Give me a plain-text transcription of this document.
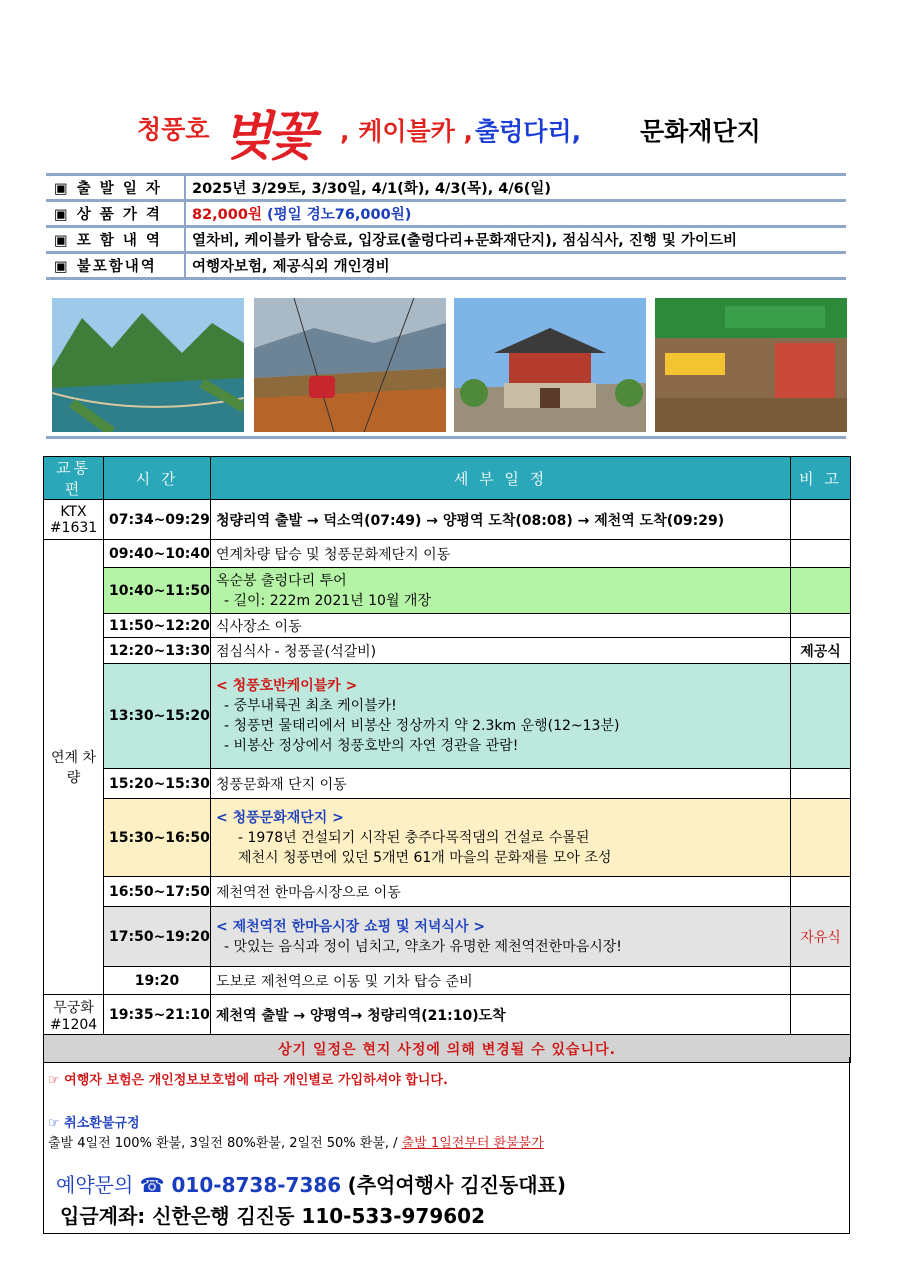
청풍호 벚꽃 , 케이블카 , 출렁다리, 문화재단지
▣ 출 발 일 자	2025년 3/29토, 3/30일, 4/1(화), 4/3(목), 4/6(일)
▣ 상 품 가 격	82,000원 (평일 경노76,000원)
▣ 포 함 내 역	열차비, 케이블카 탑승료, 입장료(출렁다리+문화재단지), 점심식사, 진행 및 가이드비
▣ 불포함내역	여행자보험, 제공식외 개인경비
교통편	시 간	세 부 일 정	비 고
KTX #1631	07:34~09:29	청량리역 출발 → 덕소역(07:49) → 양평역 도착(08:08) → 제천역 도착(09:29)	
연계 차량	09:40~10:40	연계차량 탑승 및 청풍문화제단지 이동	
	10:40~11:50	옥순봉 출렁다리 투어
- 길이: 222m 2021년 10월 개장	

	11:50~12:20	식사장소 이동	
	12:20~13:30	점심식사 - 청풍골(석갈비)	제공식
	13:30~15:20	< 청풍호반케이블카 >
- 중부내륙권 최초 케이블카!
- 청풍면 물태리에서 비봉산 정상까지 약 2.3km 운행(12~13분)
- 비봉산 정상에서 청풍호반의 자연 경관을 관람!	

	15:20~15:30	청풍문화재 단지 이동	
	15:30~16:50	< 청풍문화재단지 >
- 1978년 건설되기 시작된 충주다목적댐의 건설로 수몰된
제천시 청풍면에 있던 5개면 61개 마을의 문화재를 모아 조성	

	16:50~17:50	제천역전 한마음시장으로 이동	
	17:50~19:20	< 제천역전 한마음시장 쇼핑 및 저녁식사 >
- 맛있는 음식과 정이 넘치고, 약초가 유명한 제천역전한마음시장!	자유식
	19:20	도보로 제천역으로 이동 및 기차 탑승 준비	
무궁화 #1204	19:35~21:10	제천역 출발 → 양평역→ 청량리역(21:10)도착	
상기 일정은 현지 사정에 의해 변경될 수 있습니다.			
☞ 여행자 보험은 개인정보보호법에 따라 개인별로 가입하셔야 합니다.
☞ 취소환불규정
출발 4일전 100% 환불, 3일전 80%환불, 2일전 50% 환불, / 출발 1일전부터 환불불가
예약문의 ☎ 010-8738-7386 (추억여행사 김진동대표)
입금계좌: 신한은행 김진동 110-533-979602
